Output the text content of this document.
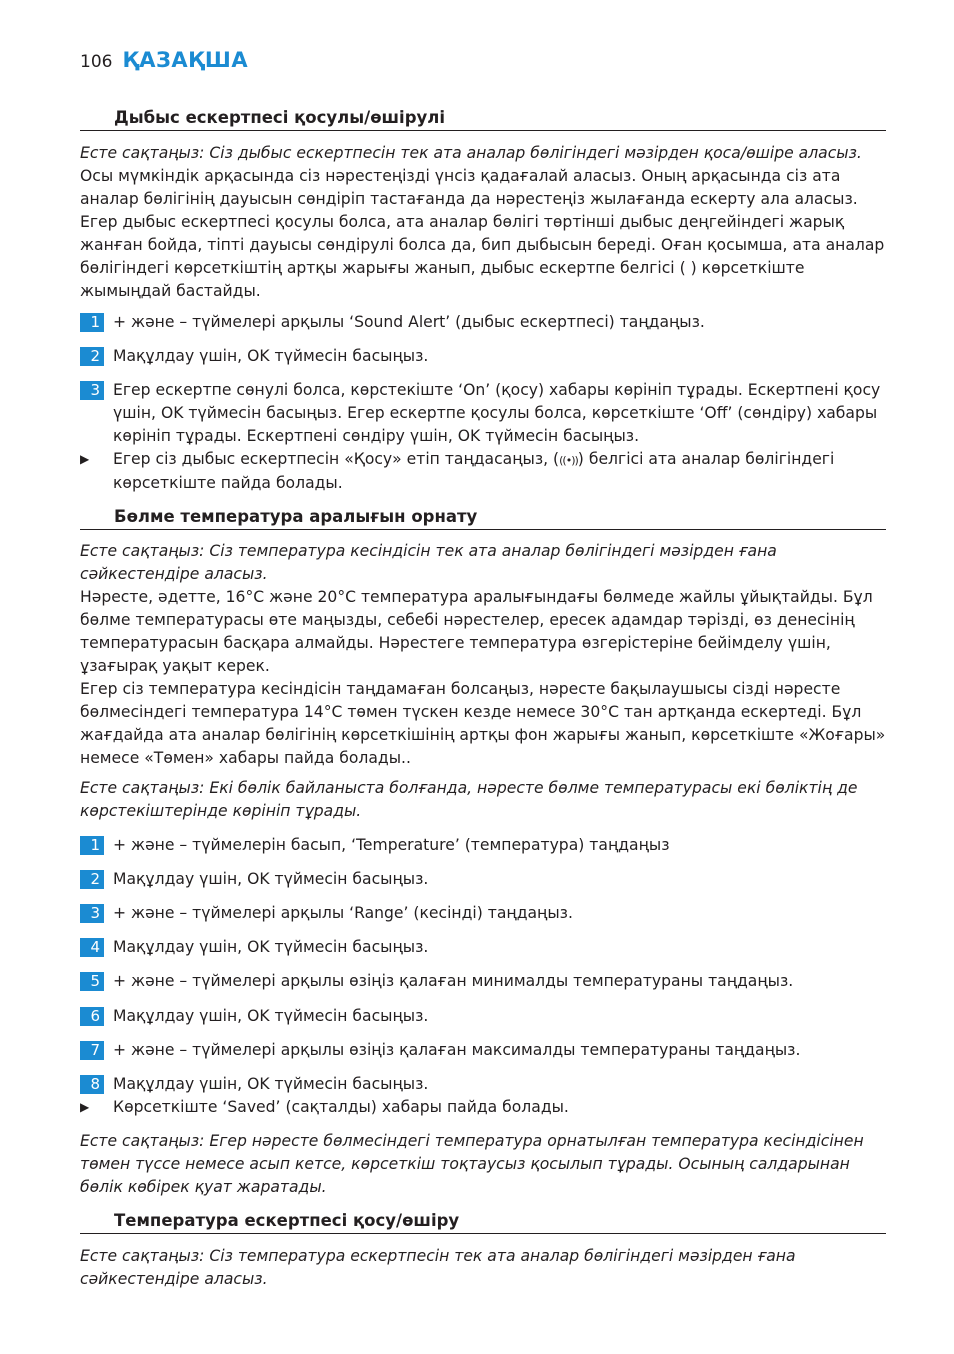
106 ҚАЗАҚША
Дыбыс ескертпесі қосулы/өшірулі

Есте сақтаңыз: Сіз дыбыс ескертпесін тек ата аналар бөлігіндегі мәзірден қоса/өшіре аласыз.

Осы мүмкіндік арқасында сіз нәрестеңізді үнсіз қадағалай аласыз. Оның арқасында сіз ата аналар бөлігінің дауысын сөндіріп тастағанда да нәрестеңіз жылағанда ескерту ала аласыз. Егер дыбыс ескертпесі қосулы болса, ата аналар бөлігі төртінші дыбыс деңгейіндегі жарық жанған бойда, тіпті дауысы сөндірулі болса да, бип дыбысын береді. Оған қосымша, ата аналар бөлігіндегі көрсеткіштің артқы жарығы жанып, дыбыс ескертпе белгісі ( ) көрсеткіште жымыңдай бастайды.

1 + және – түймелері арқылы ‘Sound Alert’ (дыбыс ескертпесі) таңдаңыз.
2 Мақұлдау үшін, OK түймесін басыңыз.
3 Егер ескертпе сөнулі болса, көрстекіште ‘On’ (қосу) хабары көрініп тұрады. Ескертпені қосу үшін, OK түймесін басыңыз. Егер ескертпе қосулы болса, көрсеткіште ‘Off’ (сөндіру) хабары көрініп тұрады. Ескертпені сөндіру үшін, OK түймесін басыңыз.
▶	Егер сіз дыбыс ескертпесін «Қосу» етіп таңдасаңыз, (((•))) белгісі ата аналар бөлігіндегі көрсеткіште пайда болады.
Бөлме температура аралығын орнату

Есте сақтаңыз: Сіз температура кесіндісін тек ата аналар бөлігіндегі мәзірден ғана сәйкестендіре аласыз.

Нәресте, әдетте, 16°C және 20°C температура аралығындағы бөлмеде жайлы ұйықтайды. Бұл бөлме температурасы өте маңызды, себебі нәрестелер, ересек адамдар тәрізді, өз денесінің температурасын басқара алмайды. Нәрестеге температура өзгерістеріне бейімделу үшін, ұзағырақ уақыт керек.

Егер сіз температура кесіндісін таңдамаған болсаңыз, нәресте бақылаушысы сізді нәресте бөлмесіндегі температура 14°C төмен түскен кезде немесе 30°C тан артқанда ескертеді. Бұл жағдайда ата аналар бөлігінің көрсеткішінің артқы фон жарығы жанып, көрсеткіште «Жоғары» немесе «Төмен» хабары пайда болады..

Есте сақтаңыз: Екі бөлік байланыста болғанда, нәресте бөлме температурасы екі бөліктің де көрстекіштерінде көрініп тұрады.

1 + және – түймелерін басып, ‘Temperature’ (температура) таңдаңыз
2 Мақұлдау үшін, OK түймесін басыңыз.
3 + және – түймелері арқылы ‘Range’ (кесінді) таңдаңыз.
4 Мақұлдау үшін, OK түймесін басыңыз.
5 + және – түймелері арқылы өзіңіз қалаған минималды температураны таңдаңыз.
6 Мақұлдау үшін, OK түймесін басыңыз.
7 + және – түймелері арқылы өзіңіз қалаған максималды температураны таңдаңыз.
8 Мақұлдау үшін, OK түймесін басыңыз.
▶	Көрсеткіште ‘Saved’ (сақталды) хабары пайда болады.

Есте сақтаңыз: Егер нәресте бөлмесіндегі температура орнатылған температура кесіндісінен төмен түссе немесе асып кетсе, көрсеткіш тоқтаусыз қосылып тұрады. Осының салдарынан бөлік көбірек қуат жаратады.

Температура ескертпесі қосу/өшіру

Есте сақтаңыз: Сіз температура ескертпесін тек ата аналар бөлігіндегі мәзірден ғана сәйкестендіре аласыз.
